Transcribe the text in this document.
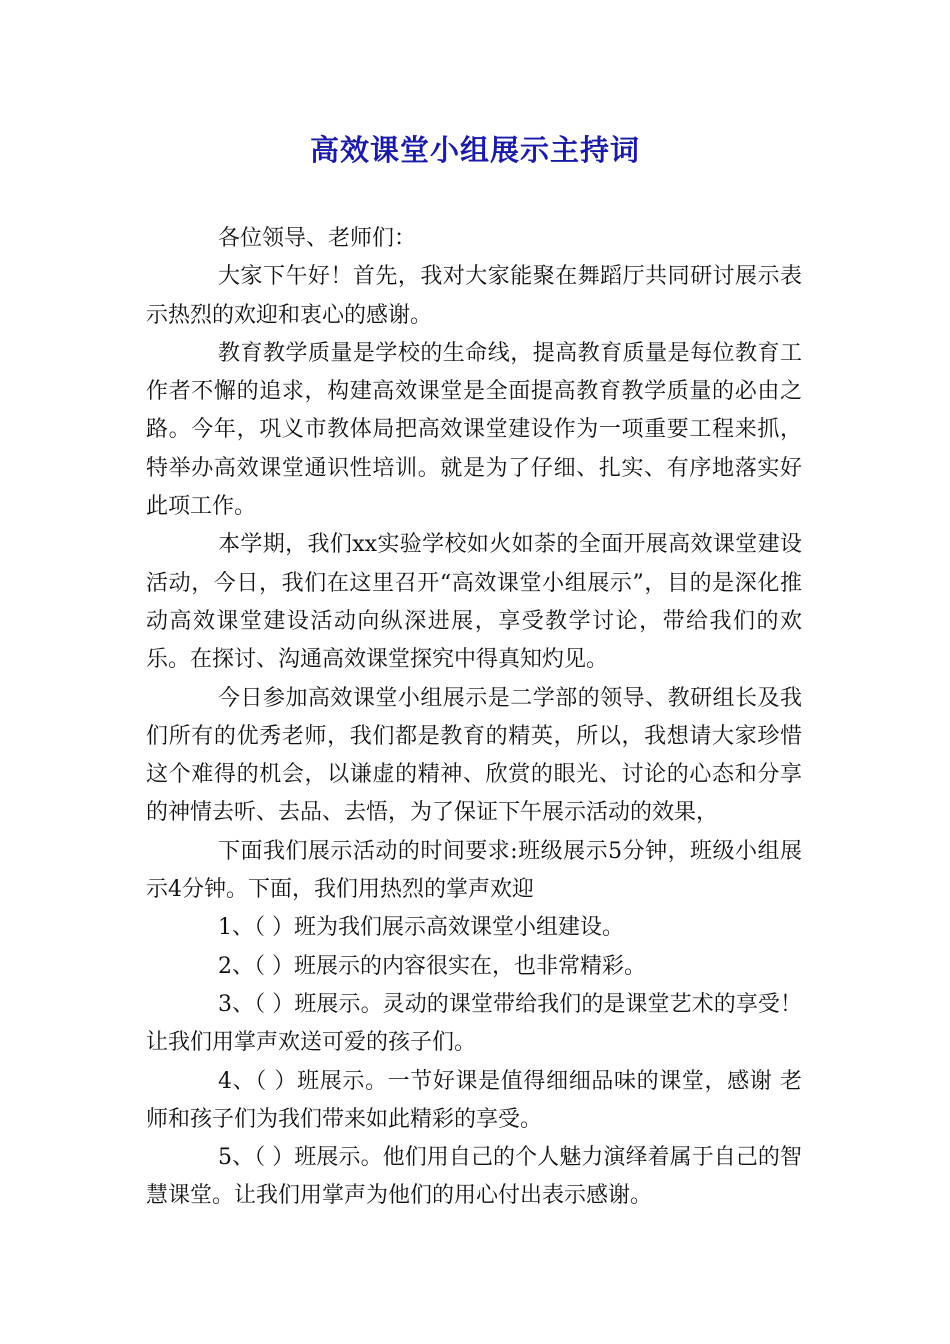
高效课堂小组展示主持词

各位领导、老师们：

大家下午好！首先，我对大家能聚在舞蹈厅共同研讨展示表示热烈的欢迎和衷心的感谢。

教育教学质量是学校的生命线，提高教育质量是每位教育工作者不懈的追求，构建高效课堂是全面提高教育教学质量的必由之路。今年，巩义市教体局把高效课堂建设作为一项重要工程来抓，特举办高效课堂通识性培训。就是为了仔细、扎实、有序地落实好此项工作。

本学期，我们xx实验学校如火如荼的全面开展高效课堂建设活动，今日，我们在这里召开“高效课堂小组展示”，目的是深化推动高效课堂建设活动向纵深进展，享受教学讨论，带给我们的欢乐。在探讨、沟通高效课堂探究中得真知灼见。

今日参加高效课堂小组展示是二学部的领导、教研组长及我们所有的优秀老师，我们都是教育的精英，所以，我想请大家珍惜这个难得的机会，以谦虚的精神、欣赏的眼光、讨论的心态和分享的神情去听、去品、去悟，为了保证下午展示活动的效果，

下面我们展示活动的时间要求:班级展示5分钟，班级小组展示4分钟。下面，我们用热烈的掌声欢迎

1、（ ）班为我们展示高效课堂小组建设。

2、（ ）班展示的内容很实在，也非常精彩。

3、（ ）班展示。灵动的课堂带给我们的是课堂艺术的享受！让我们用掌声欢送可爱的孩子们。

4、（ ）班展示。一节好课是值得细细品味的课堂，感谢 老师和孩子们为我们带来如此精彩的享受。

5、（ ）班展示。他们用自己的个人魅力演绎着属于自己的智慧课堂。让我们用掌声为他们的用心付出表示感谢。
